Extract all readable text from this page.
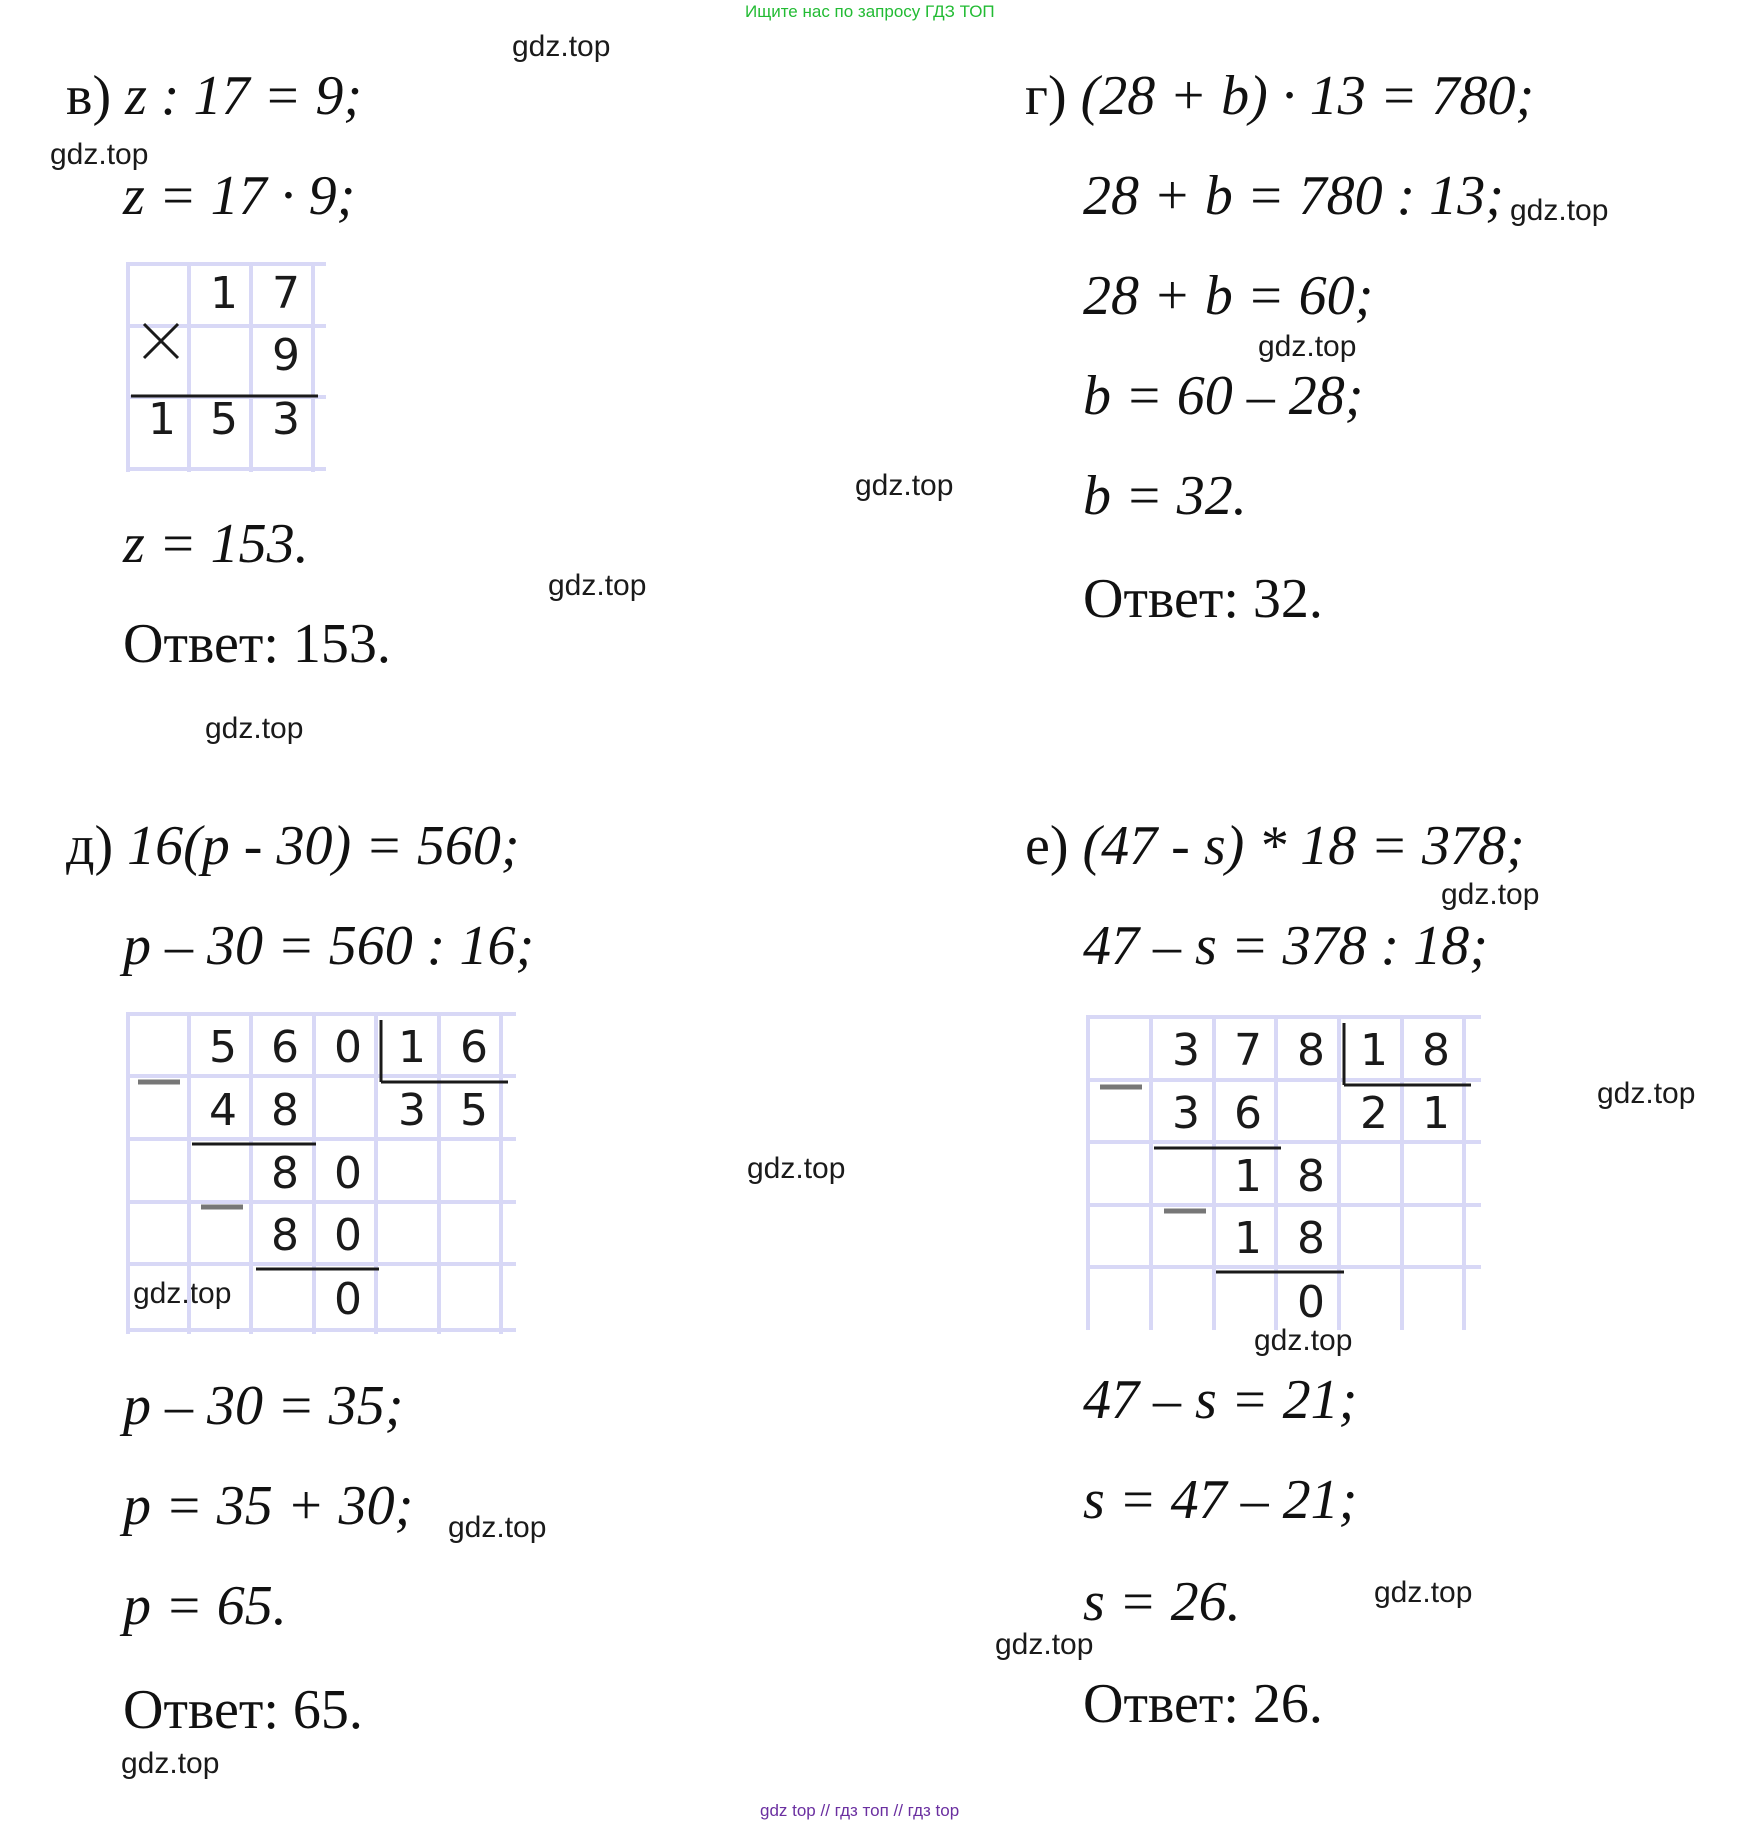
Ищите нас по запросу ГДЗ ТОП
gdz.top
gdz.top
gdz.top
gdz.top
gdz.top
gdz.top
gdz.top
gdz.top
gdz.top
gdz.top
gdz.top
gdz.top
gdz.top
gdz.top
gdz.top
gdz.top
в) z : 17 = 9;
z = 17 · 9;
1 7
9
1 5 3
z = 153.
Ответ: 153.
г) (28 + b) · 13 = 780;
28 + b = 780 : 13;
28 + b = 60;
b = 60 – 28;
b = 32.
Ответ: 32.
д) 16(p - 30) = 560;
p – 30 = 560 : 16;
5 6 0 1 6
4 8 3 5
8 0
8 0
0
p – 30 = 35;
p = 35 + 30;
p = 65.
Ответ: 65.
е) (47 - s) * 18 = 378;
47 – s = 378 : 18;
3 7 8 1 8
3 6 2 1
1 8
1 8
0
47 – s = 21;
s = 47 – 21;
s = 26.
Ответ: 26.
gdz top // гдз топ // гдз top
